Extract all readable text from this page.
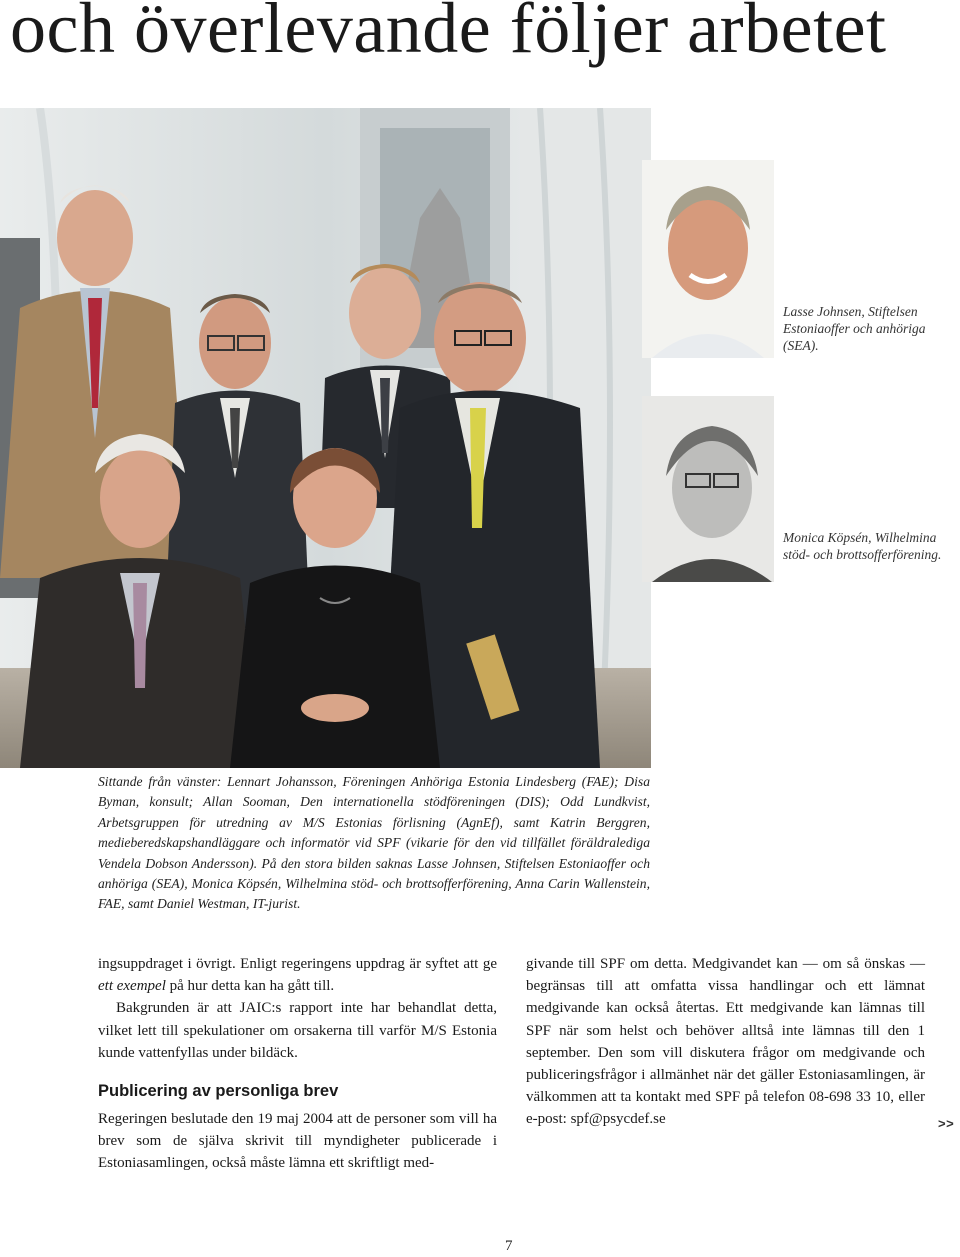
och överlevande följer arbetet
Lasse Johnsen, Stiftelsen Estoniaoffer och anhöriga (SEA).
Monica Köpsén, Wilhelmina stöd- och brottsofferförening.

Sittande från vänster: Lennart Johansson, Föreningen Anhöriga Estonia Lindesberg (FAE); Disa Byman, konsult; Allan Sooman, Den internationella stödföreningen (DIS); Odd Lundkvist, Arbetsgruppen för utredning av M/S Estonias förlisning (AgnEf), samt Katrin Berggren, medieberedskapshandläggare och informatör vid SPF (vikarie för den vid tillfället föräldralediga Vendela Dobson Andersson). På den stora bilden saknas Lasse Johnsen, Stiftelsen Estoniaoffer och anhöriga (SEA), Monica Köpsén, Wilhelmina stöd- och brottsofferförening, Anna Carin Wallenstein, FAE, samt Daniel Westman, IT-jurist.

ingsuppdraget i övrigt. Enligt regeringens uppdrag är syftet att ge ett exempel på hur detta kan ha gått till.

Bakgrunden är att JAIC:s rapport inte har behandlat detta, vilket lett till spekulationer om orsakerna till varför M/S Estonia kunde vattenfyllas under bildäck.

Publicering av personliga brev

Regeringen beslutade den 19 maj 2004 att de personer som vill ha brev som de själva skrivit till myndigheter publicerade i Estoniasamlingen, också måste lämna ett skriftligt med-

givande till SPF om detta. Medgivandet kan — om så önskas — begränsas till att omfatta vissa handlingar och ett lämnat medgivande kan också återtas. Ett medgivande kan lämnas till SPF när som helst och behöver alltså inte lämnas till den 1 september. Den som vill diskutera frågor om medgivande och publiceringsfrågor i allmänhet när det gäller Estoniasamlingen, är välkommen att ta kontakt med SPF på telefon 08-698 33 10, eller e-post: spf@psycdef.se	>>
7
